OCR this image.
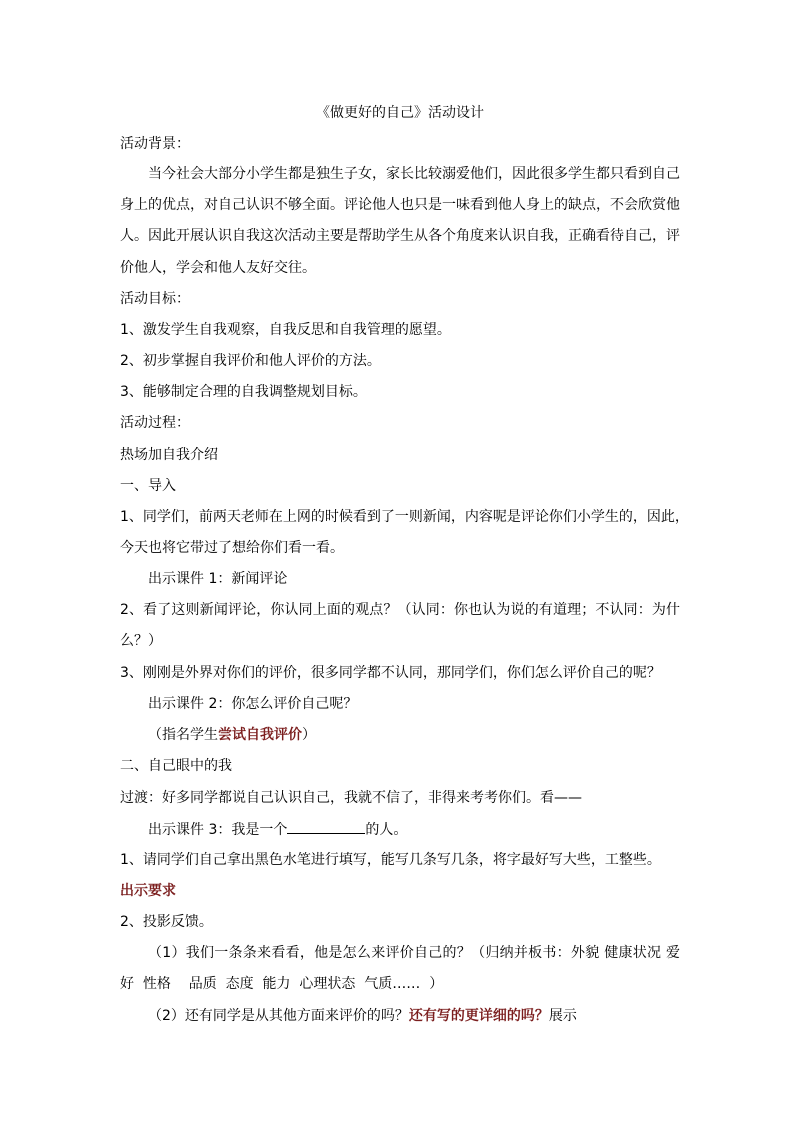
《做更好的自己》活动设计
活动背景：
当今社会大部分小学生都是独生子女，家长比较溺爱他们，因此很多学生都只看到自己
身上的优点，对自己认识不够全面。评论他人也只是一味看到他人身上的缺点，不会欣赏他
人。因此开展认识自我这次活动主要是帮助学生从各个角度来认识自我，正确看待自己，评
价他人，学会和他人友好交往。
活动目标：
1、激发学生自我观察，自我反思和自我管理的愿望。
2、初步掌握自我评价和他人评价的方法。
3、能够制定合理的自我调整规划目标。
活动过程：
热场加自我介绍
一、导入
1、同学们，前两天老师在上网的时候看到了一则新闻，内容呢是评论你们小学生的，因此，
今天也将它带过了想给你们看一看。
出示课件 1：新闻评论
2、看了这则新闻评论，你认同上面的观点？（认同：你也认为说的有道理；不认同：为什
么？）
3、刚刚是外界对你们的评价，很多同学都不认同，那同学们，你们怎么评价自己的呢？
出示课件 2：你怎么评价自己呢？
（指名学生尝试自我评价）
二、自己眼中的我
过渡：好多同学都说自己认识自己，我就不信了，非得来考考你们。看——
出示课件 3：我是一个	的人。
1、请同学们自己拿出黑色水笔进行填写，能写几条写几条，将字最好写大些，工整些。
出示要求
2、投影反馈。
（1）我们一条条来看看，他是怎么来评价自己的？（归纳并板书：外貌 健康状况 爱
好  性格    品质  态度  能力  心理状态  气质……  ）
（2）还有同学是从其他方面来评价的吗？还有写的更详细的吗？展示
